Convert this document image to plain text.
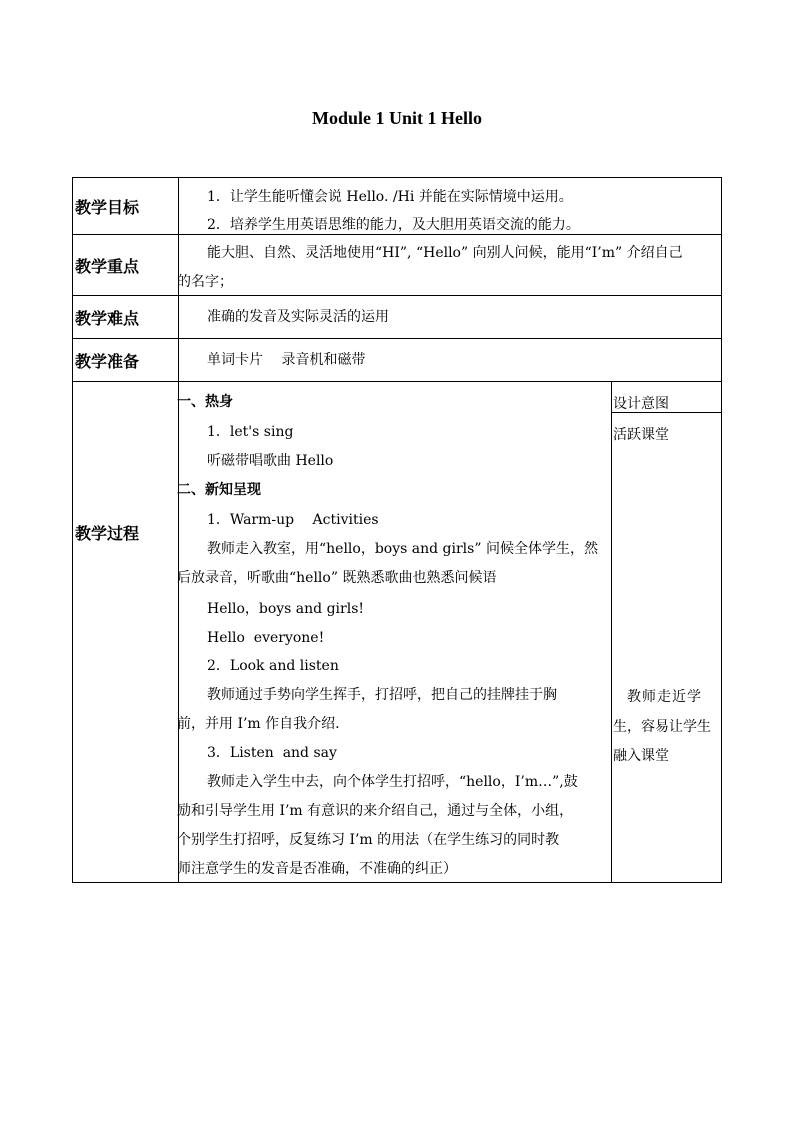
Module 1 Unit 1 Hello
教学目标
1．让学生能听懂会说 Hello. /Hi 并能在实际情境中运用。
2．培养学生用英语思维的能力，及大胆用英语交流的能力。
教学重点
能大胆、自然、灵活地使用“HI”, “Hello” 向别人问候，能用“I’m” 介绍自己
的名字；
教学难点	准确的发音及实际灵活的运用
教学准备	单词卡片　 录音机和磁带
教学过程
一、热身
1．let's sing
听磁带唱歌曲 Hello
二、新知呈现
1．Warm-up　 Activities
教师走入教室，用“hello，boys and girls” 问候全体学生，然
后放录音，听歌曲“hello” 既熟悉歌曲也熟悉问候语
Hello，boys and girls!
Hello  everyone!
2．Look and listen
教师通过手势向学生挥手，打招呼，把自己的挂牌挂于胸
前，并用 I’m 作自我介绍.
3．Listen  and say
教师走入学生中去，向个体学生打招呼，“hello，I’m…”,鼓
励和引导学生用 I’m 有意识的来介绍自己，通过与全体，小组，
个别学生打招呼，反复练习 I’m 的用法（在学生练习的同时教
师注意学生的发音是否准确，不准确的纠正）
设计意图
活跃课堂
教师走近学
生，容易让学生
融入课堂
